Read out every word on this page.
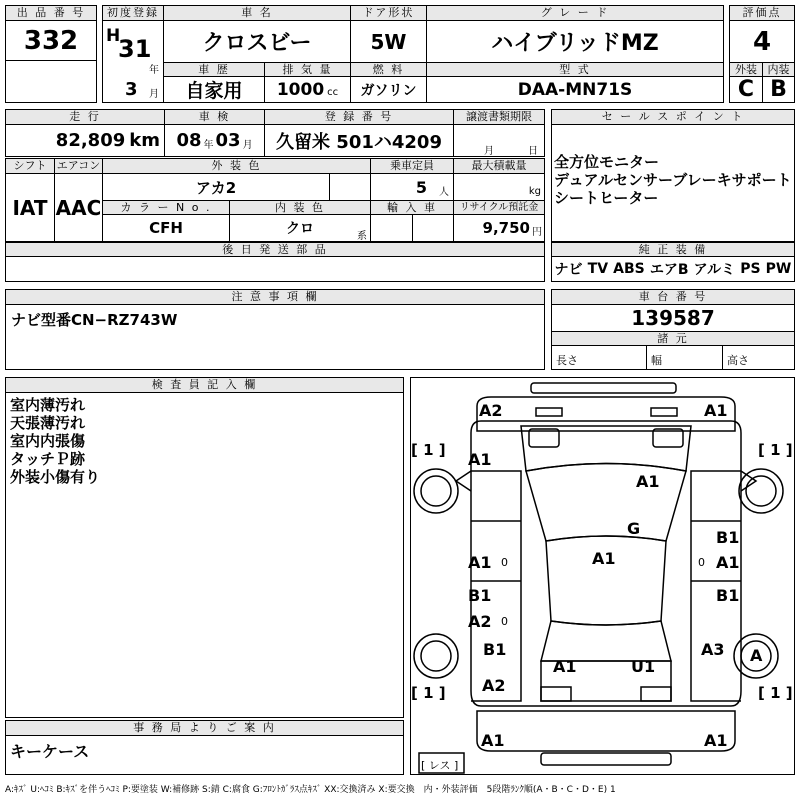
出 品 番 号
332
初度登録
H
31
年
3 月
車 名
クロスビー
ドア形状
5W
グ レ ー ド
ハイブリッドMZ
評価点
4
車 歴
自家用
排 気 量
1000 cc
燃 料
ガソリン
型 式
DAA-MN71S
外装 内装
C B
走 行
82,809 km
車 検
08 年 03 月
登 録 番 号
久留米 501ハ4209
譲渡書類期限
月	日
セ ー ル ス ポ イ ン ト
全方位モニター
デュアルセンサーブレーキサポート
シートヒーター
シフト
IAT
エアコン
AAC
外 装 色
アカ2
乗車定員
5 人
最大積載量
kg
カ ラ ー N o .
CFH
内 装 色
クロ	系
輸 入 車	リサイクル預託金
9,750 円
後 日 発 送 部 品	純 正 装 備
ナビ TV ABS エアB アルミ PS PW
注 意 事 項 欄
ナビ型番CN−RZ743W
車 台 番 号
139587
諸 元
長さ	幅	高さ
検 査 員 記 入 欄
室内薄汚れ
天張薄汚れ
室内内張傷
タッチＰ跡
外装小傷有り
事 務 局 よ り ご 案 内
キーケース
A:ｷｽﾞ U:ﾍｺﾐ B:ｷｽﾞを伴うﾍｺﾐ P:要塗装 W:補修跡 S:錆 C:腐食 G:ﾌﾛﾝﾄｶﾞﾗｽ点ｷｽﾞ XX:交換済み X:要交換　内・外装評価　5段階ﾗﾝｸ順(A・B・C・D・E) 1
A2	A1
A1
A1
G
A1
A1
B1
A2
B1
A1
B1
B1
A2
A3
A1	U1
A1	A1
A
0
0
0
[ 1 ]	[ 1 ]
[ 1 ]	[ 1 ]
[ レス ]
